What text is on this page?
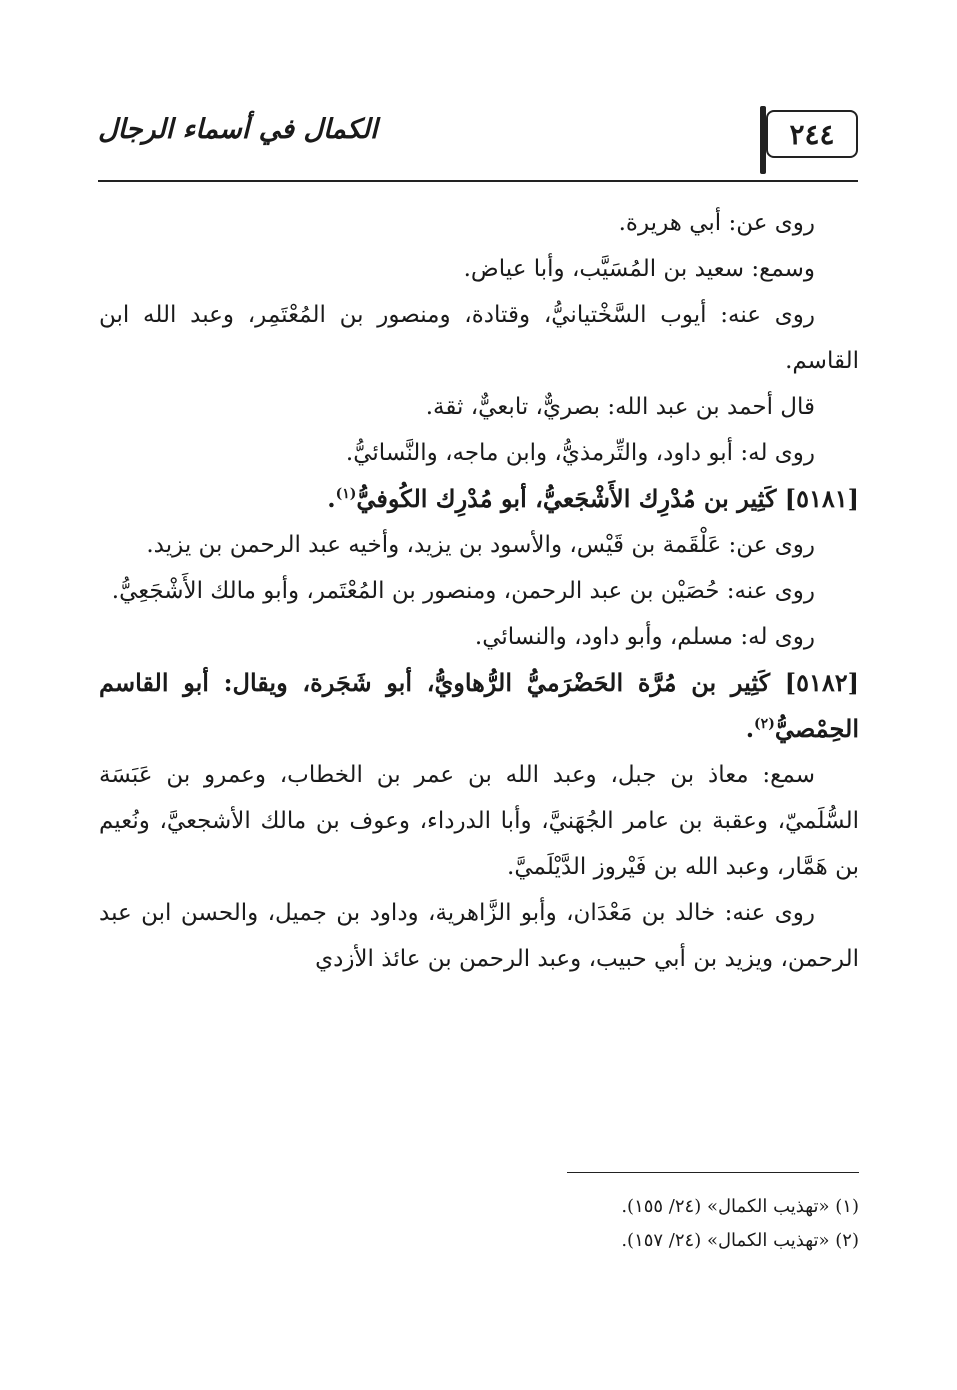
٢٤٤
الكمال في أسماء الرجال

روى عن: أبي هريرة.

وسمع: سعيد بن المُسَيَّب، وأبا عياض.

روى عنه: أيوب السَّخْتيانيُّ، وقتادة، ومنصور بن المُعْتَمِر، وعبد الله ابن القاسم.

قال أحمد بن عبد الله: بصريٌّ، تابعيٌّ، ثقة.

روى له: أبو داود، والتِّرمذيُّ، وابن ماجه، والنَّسائيُّ.

[٥١٨١] كَثِير بن مُدْرِك الأَشْجَعيُّ، أبو مُدْرِك الكُوفيُّ$^{(١)}$.

روى عن: عَلْقَمة بن قَيْس، والأسود بن يزيد، وأخيه عبد الرحمن بن يزيد.

روى عنه: حُصَيْن بن عبد الرحمن، ومنصور بن المُعْتَمر، وأبو مالك الأَشْجَعِيُّ.

روى له: مسلم، وأبو داود، والنسائي.

[٥١٨٢] كَثِير بن مُرَّة الحَضْرَميُّ الرُّهاويُّ، أبو شَجَرة، ويقال: أبو القاسم الحِمْصيُّ$^{(٢)}$.

سمع: معاذ بن جبل، وعبد الله بن عمر بن الخطاب، وعمرو بن عَبَسَة السُّلَميّ، وعقبة بن عامر الجُهَنيَّ، وأبا الدرداء، وعوف بن مالك الأشجعيَّ، ونُعيم بن هَمَّار، وعبد الله بن فَيْروز الدَّيْلَميَّ.

روى عنه: خالد بن مَعْدَان، وأبو الزَّاهرية، وداود بن جميل، والحسن ابن عبد الرحمن، ويزيد بن أبي حبيب، وعبد الرحمن بن عائذ الأزدي

(١) «تهذيب الكمال» (٢٤/ ١٥٥).

(٢) «تهذيب الكمال» (٢٤/ ١٥٧).
